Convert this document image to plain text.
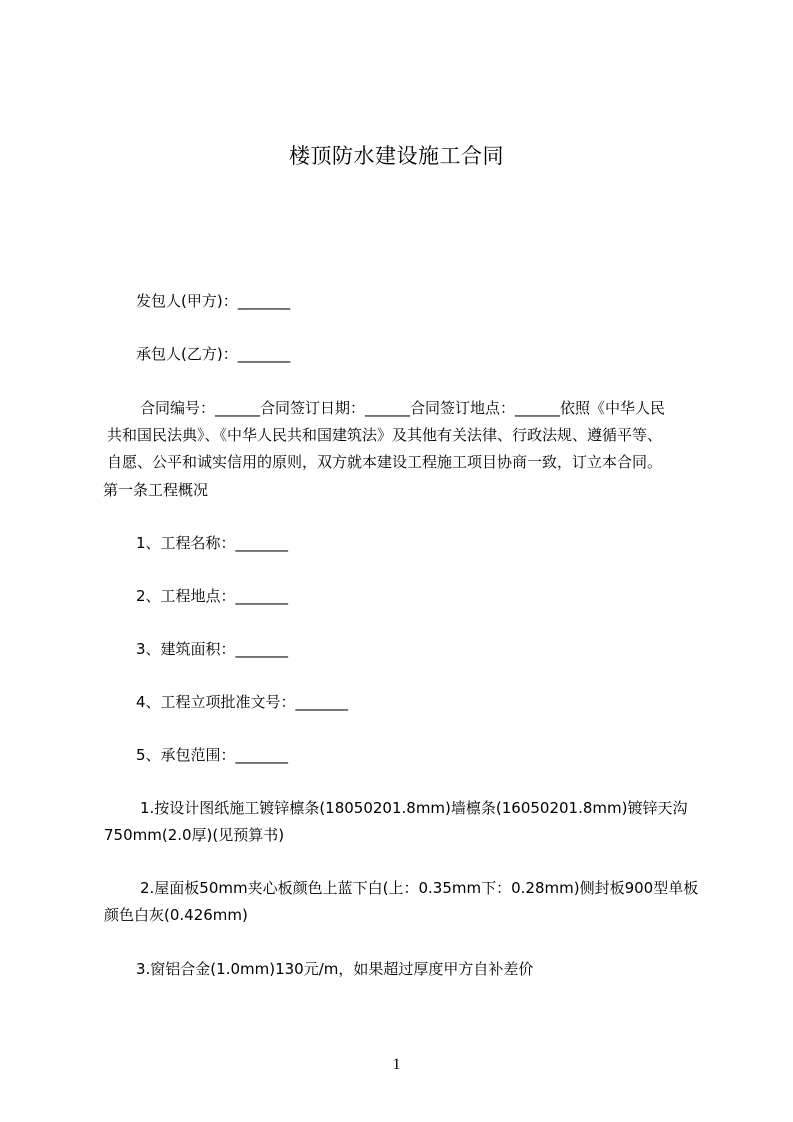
楼顶防水建设施工合同
发包人(甲方)：_______
承包人(乙方)：_______
合同编号：______合同签订日期：______合同签订地点：______依照《中华人民
共和国民法典》、《中华人民共和国建筑法》及其他有关法律、行政法规、遵循平等、
自愿、公平和诚实信用的原则，双方就本建设工程施工项目协商一致，订立本合同。
第一条工程概况
1、工程名称：_______
2、工程地点：_______
3、建筑面积：_______
4、工程立项批准文号：_______
5、承包范围：_______
1.按设计图纸施工镀锌檩条(18050201.8mm)墙檩条(16050201.8mm)镀锌天沟
750mm(2.0厚)(见预算书)
2.屋面板50mm夹心板颜色上蓝下白(上：0.35mm下：0.28mm)侧封板900型单板
颜色白灰(0.426mm)
3.窗铝合金(1.0mm)130元/m，如果超过厚度甲方自补差价
1
